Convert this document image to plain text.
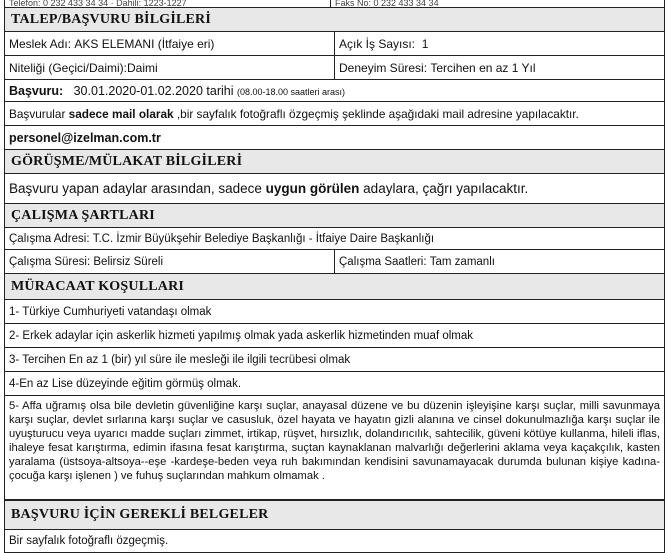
Telefon: 0 232 433 34 34 · Dahili: 1223-1227	Faks No: 0 232 433 34 34
TALEP/BAŞVURU BİLGİLERİ
Meslek Adı:
AKS ELEMANI (İtfaiye eri)	Açık İş Sayısı:
1
Niteliği (Geçici/Daimi): Daimi	Deneyim Süresi:
Tercihen en az 1 Yıl
Başvuru: 30.01.2020-01.02.2020 tarihi (08.00-18.00 saatleri arası)
Başvurular sadece mail olarak ,bir sayfalık fotoğraflı özgeçmiş şeklinde aşağıdaki mail adresine yapılacaktır.
personel@izelman.com.tr
GÖRÜŞME/MÜLAKAT BİLGİLERİ
Başvuru yapan adaylar arasından, sadece uygun görülen adaylara, çağrı yapılacaktır.
ÇALIŞMA ŞARTLARI
Çalışma Adresi: T.C. İzmir Büyükşehir Belediye Başkanlığı - İtfaiye Daire Başkanlığı
Çalışma Süresi:
Belirsiz Süreli	Çalışma Saatleri:
Tam zamanlı
MÜRACAAT KOŞULLARI
1- Türkiye Cumhuriyeti vatandaşı olmak
2- Erkek adaylar için askerlik hizmeti yapılmış olmak yada askerlik hizmetinden muaf olmak
3- Tercihen En az 1 (bir) yıl süre ile mesleği ile ilgili tecrübesi olmak
4-En az Lise düzeyinde eğitim görmüş olmak.
5- Affa uğramış olsa bile devletin güvenliğine karşı suçlar, anayasal düzene ve bu düzenin işleyişine karşı suçlar, milli savunmaya karşı suçlar, devlet sırlarına karşı suçlar ve casusluk, özel hayata ve hayatın gizli alanına ve cinsel dokunulmazlığa karşı suçlar ile uyuşturucu veya uyarıcı madde suçları zimmet, irtikap, rüşvet, hırsızlık, dolandırıcılık, sahtecilik, güveni kötüye kullanma, hileli iflas, ihaleye fesat karıştırma, edimin ifasına fesat karıştırma, suçtan kaynaklanan malvarlığı değerlerini aklama veya kaçakçılık, kasten yaralama (üstsoya-altsoya--eşe -kardeşe-beden veya ruh bakımından kendisini savunamayacak durumda bulunan kişiye kadına- çocuğa karşı işlenen ) ve fuhuş suçlarından mahkum olmamak .
BAŞVURU İÇİN GEREKLİ BELGELER
Bir sayfalık fotoğraflı özgeçmiş.
